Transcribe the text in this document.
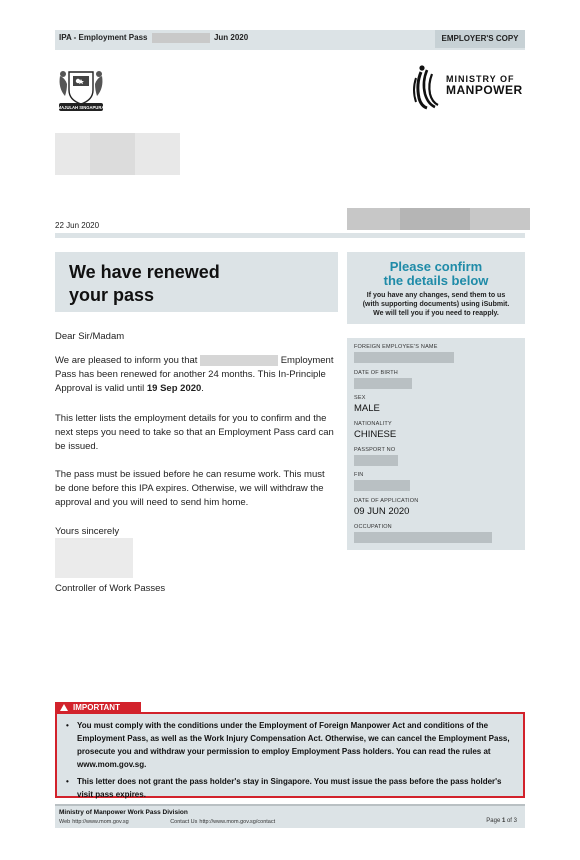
IPA - Employment Pass	Jun 2020	EMPLOYER'S COPY
MAJULAH SINGAPURA
MINISTRY OF
MANPOWER
22 Jun 2020
We have renewed
your pass
Please confirm
the details below
If you have any changes, send them to us
(with supporting documents) using iSubmit.
We will tell you if you need to reapply.
Dear Sir/Madam
We are pleased to inform you that	Employment Pass has been renewed for another 24 months. This In-Principle Approval is valid until 19 Sep 2020.
This letter lists the employment details for you to confirm and the next steps you need to take so that an Employment Pass card can be issued.
The pass must be issued before he can resume work. This must be done before this IPA expires. Otherwise, we will withdraw the approval and you will need to send him home.
Yours sincerely
Controller of Work Passes
FOREIGN EMPLOYEE'S NAME
DATE OF BIRTH
SEX
MALE
NATIONALITY
CHINESE
PASSPORT NO
FIN
DATE OF APPLICATION
09 JUN 2020
OCCUPATION
• You must comply with the conditions under the Employment of Foreign Manpower Act and conditions of the Employment Pass, as well as the Work Injury Compensation Act. Otherwise, we can cancel the Employment Pass, prosecute you and withdraw your permission to employ Employment Pass holders. You can read the rules at www.mom.gov.sg.
• This letter does not grant the pass holder's stay in Singapore. You must issue the pass before the pass holder's visit pass expires.
IMPORTANT
Ministry of Manpower Work Pass Division
Web http://www.mom.gov.sg	Contact Us http://www.mom.gov.sg/contact	Page 1 of 3
